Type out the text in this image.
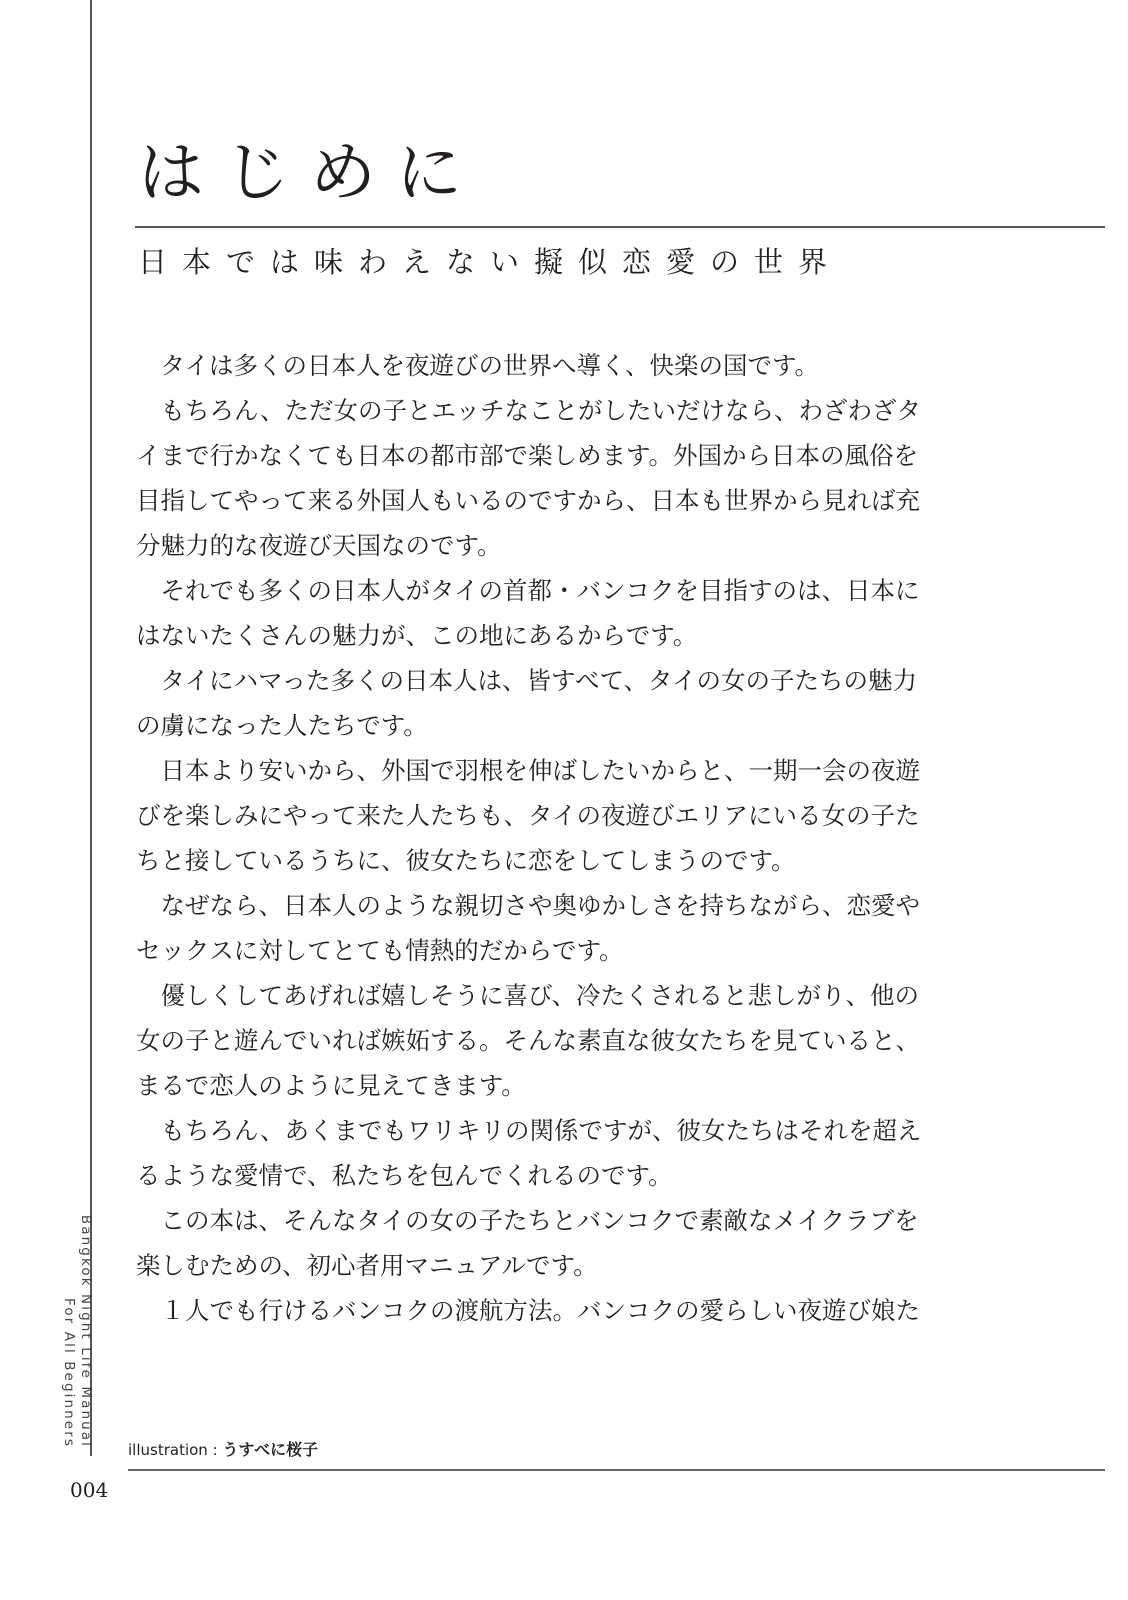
はじめに
日本では味わえない擬似恋愛の世界
　タイは多くの日本人を夜遊びの世界へ導く、快楽の国です。
　もちろん、ただ女の子とエッチなことがしたいだけなら、わざわざタ
イまで行かなくても日本の都市部で楽しめます。外国から日本の風俗を
目指してやって来る外国人もいるのですから、日本も世界から見れば充
分魅力的な夜遊び天国なのです。
　それでも多くの日本人がタイの首都・バンコクを目指すのは、日本に
はないたくさんの魅力が、この地にあるからです。
　タイにハマった多くの日本人は、皆すべて、タイの女の子たちの魅力
の虜になった人たちです。
　日本より安いから、外国で羽根を伸ばしたいからと、一期一会の夜遊
びを楽しみにやって来た人たちも、タイの夜遊びエリアにいる女の子た
ちと接しているうちに、彼女たちに恋をしてしまうのです。
　なぜなら、日本人のような親切さや奥ゆかしさを持ちながら、恋愛や
セックスに対してとても情熱的だからです。
　優しくしてあげれば嬉しそうに喜び、冷たくされると悲しがり、他の
女の子と遊んでいれば嫉妬する。そんな素直な彼女たちを見ていると、
まるで恋人のように見えてきます。
　もちろん、あくまでもワリキリの関係ですが、彼女たちはそれを超え
るような愛情で、私たちを包んでくれるのです。
　この本は、そんなタイの女の子たちとバンコクで素敵なメイクラブを
楽しむための、初心者用マニュアルです。
　１人でも行けるバンコクの渡航方法。バンコクの愛らしい夜遊び娘た
Bangkok Night Life Manual
For All Beginners
illustration : うすべに桜子
004
